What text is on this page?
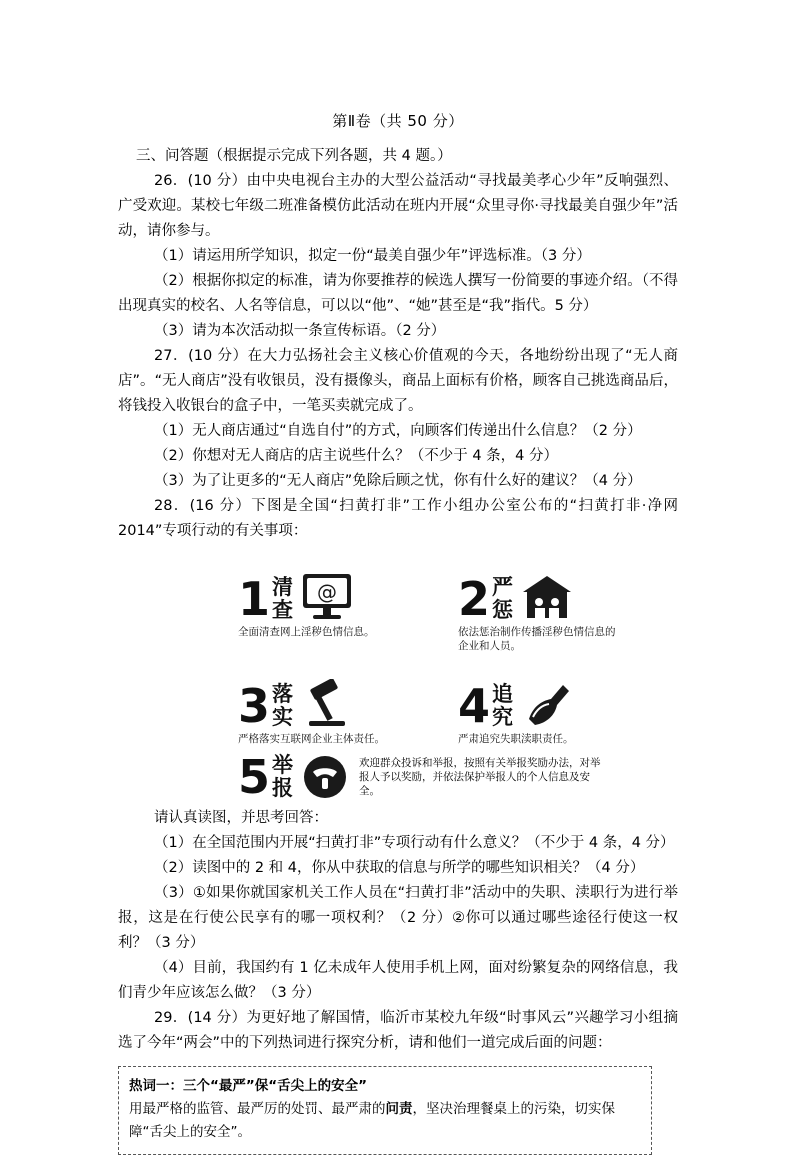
第Ⅱ卷（共 50 分）

三、问答题（根据提示完成下列各题，共 4 题。）

26．(10 分）由中央电视台主办的大型公益活动“寻找最美孝心少年”反响强烈、广受欢迎。某校七年级二班准备模仿此活动在班内开展“众里寻你·寻找最美自强少年”活动，请你参与。

（1）请运用所学知识，拟定一份“最美自强少年”评选标准。（3 分）

（2）根据你拟定的标准，请为你要推荐的候选人撰写一份简要的事迹介绍。（不得出现真实的校名、人名等信息，可以以“他”、“她”甚至是“我”指代。5 分）

（3）请为本次活动拟一条宣传标语。（2 分）

27．(10 分）在大力弘扬社会主义核心价值观的今天，各地纷纷出现了“无人商店”。“无人商店”没有收银员，没有摄像头，商品上面标有价格，顾客自己挑选商品后，将钱投入收银台的盒子中，一笔买卖就完成了。

（1）无人商店通过“自选自付”的方式，向顾客们传递出什么信息？（2 分）

（2）你想对无人商店的店主说些什么？（不少于 4 条，4 分）

（3）为了让更多的“无人商店”免除后顾之忧，你有什么好的建议？（4 分）

28．(16 分）下图是全国“扫黄打非”工作小组办公室公布的“扫黄打非·净网 2014”专项行动的有关事项：

1 清
查
@
全面清查网上淫秽色情信息。
2 严
惩
依法惩治制作传播淫秽色情信息的企业和人员。
3 落
实
严格落实互联网企业主体责任。
4 追
究
严肃追究失职渎职责任。
5 举
报
欢迎群众投诉和举报，按照有关举报奖励办法，对举报人予以奖励，并依法保护举报人的个人信息及安全。

请认真读图，并思考回答：

（1）在全国范围内开展“扫黄打非”专项行动有什么意义？（不少于 4 条，4 分）

（2）读图中的 2 和 4，你从中获取的信息与所学的哪些知识相关？（4 分）

（3）①如果你就国家机关工作人员在“扫黄打非”活动中的失职、渎职行为进行举报，这是在行使公民享有的哪一项权利？（2 分）②你可以通过哪些途径行使这一权利？（3 分）

（4）目前，我国约有 1 亿未成年人使用手机上网，面对纷繁复杂的网络信息，我们青少年应该怎么做？（3 分）

29．(14 分）为更好地了解国情，临沂市某校九年级“时事风云”兴趣学习小组摘选了今年“两会”中的下列热词进行探究分析，请和他们一道完成后面的问题：

热词一：三个“最严”保“舌尖上的安全”

用最严格的监管、最严厉的处罚、最严肃的问责，坚决治理餐桌上的污染，切实保障“舌尖上的安全”。
